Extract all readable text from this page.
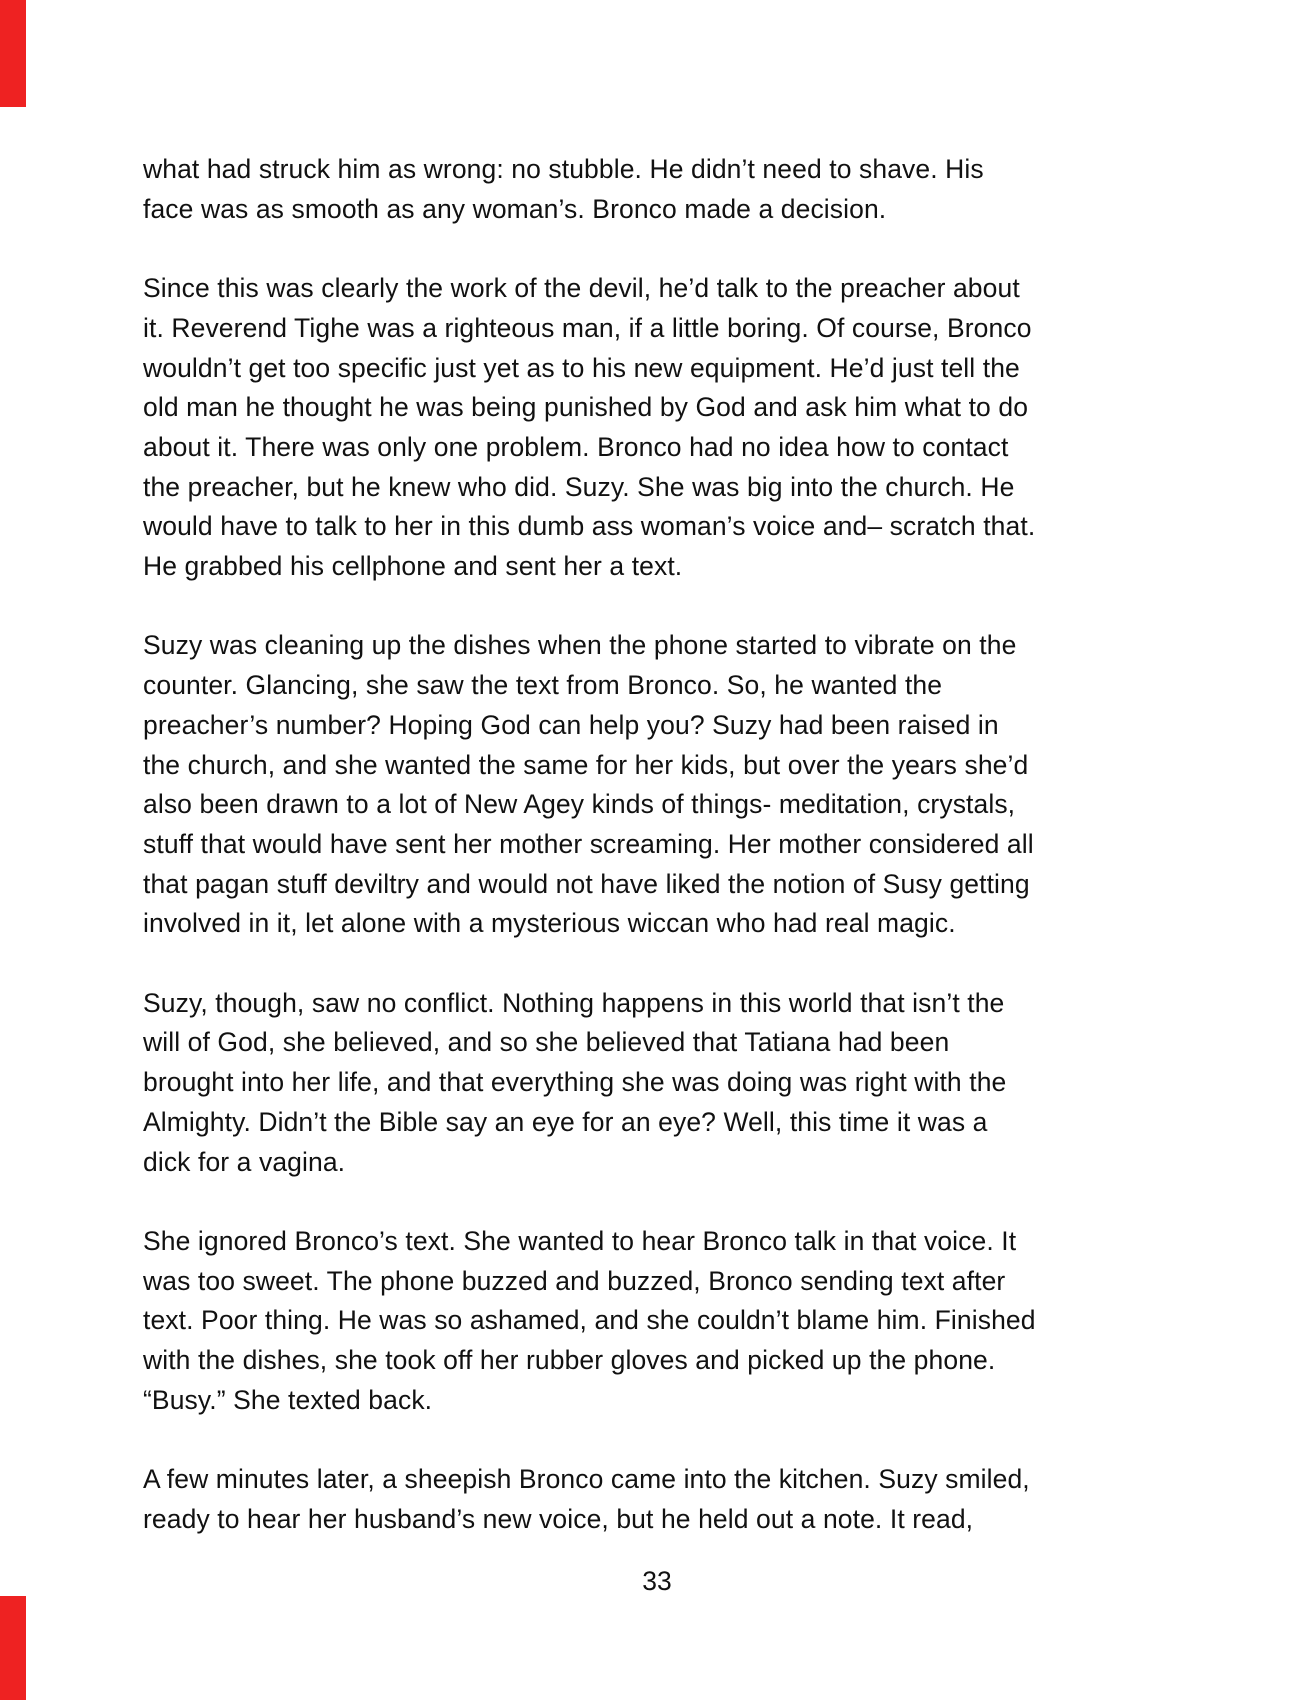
what had struck him as wrong: no stubble. He didn’t need to shave. His
face was as smooth as any woman’s. Bronco made a decision.

Since this was clearly the work of the devil, he’d talk to the preacher about
it. Reverend Tighe was a righteous man, if a little boring. Of course, Bronco
wouldn’t get too specific just yet as to his new equipment. He’d just tell the
old man he thought he was being punished by God and ask him what to do
about it. There was only one problem. Bronco had no idea how to contact
the preacher, but he knew who did. Suzy. She was big into the church. He
would have to talk to her in this dumb ass woman’s voice and– scratch that.
He grabbed his cellphone and sent her a text.

Suzy was cleaning up the dishes when the phone started to vibrate on the
counter. Glancing, she saw the text from Bronco. So, he wanted the
preacher’s number? Hoping God can help you? Suzy had been raised in
the church, and she wanted the same for her kids, but over the years she’d
also been drawn to a lot of New Agey kinds of things- meditation, crystals,
stuff that would have sent her mother screaming. Her mother considered all
that pagan stuff deviltry and would not have liked the notion of Susy getting
involved in it, let alone with a mysterious wiccan who had real magic.

Suzy, though, saw no conflict. Nothing happens in this world that isn’t the
will of God, she believed, and so she believed that Tatiana had been
brought into her life, and that everything she was doing was right with the
Almighty. Didn’t the Bible say an eye for an eye? Well, this time it was a
dick for a vagina.

She ignored Bronco’s text. She wanted to hear Bronco talk in that voice. It
was too sweet. The phone buzzed and buzzed, Bronco sending text after
text. Poor thing. He was so ashamed, and she couldn’t blame him. Finished
with the dishes, she took off her rubber gloves and picked up the phone.
“Busy.” She texted back.

A few minutes later, a sheepish Bronco came into the kitchen. Suzy smiled,
ready to hear her husband’s new voice, but he held out a note. It read,

33
